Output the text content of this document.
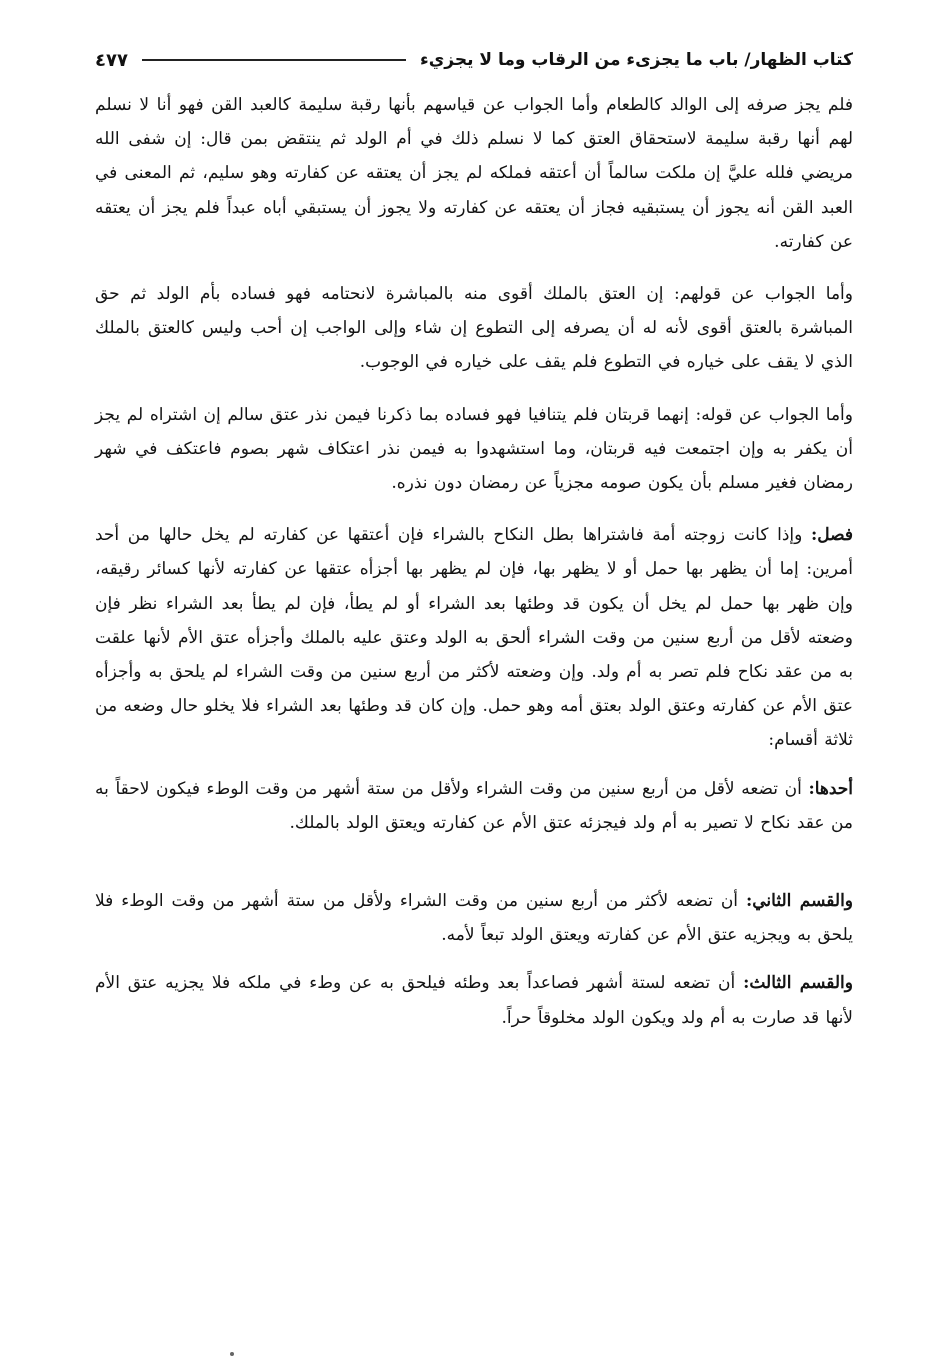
كتاب الظهار/ باب ما يجزىء من الرقاب وما لا يجزيء
٤٧٧

فلم يجز صرفه إلى الوالد كالطعام وأما الجواب عن قياسهم بأنها رقبة سليمة كالعبد القن فهو أنا لا نسلم لهم أنها رقبة سليمة لاستحقاق العتق كما لا نسلم ذلك في أم الولد ثم ينتقض بمن قال: إن شفى الله مريضي فلله عليَّ إن ملكت سالماً أن أعتقه فملكه لم يجز أن يعتقه عن كفارته وهو سليم، ثم المعنى في العبد القن أنه يجوز أن يستبقيه فجاز أن يعتقه عن كفارته ولا يجوز أن يستبقي أباه عبداً فلم يجز أن يعتقه عن كفارته.

وأما الجواب عن قولهم: إن العتق بالملك أقوى منه بالمباشرة لانحتامه فهو فساده بأم الولد ثم حق المباشرة بالعتق أقوى لأنه له أن يصرفه إلى التطوع إن شاء وإلى الواجب إن أحب وليس كالعتق بالملك الذي لا يقف على خياره في التطوع فلم يقف على خياره في الوجوب.

وأما الجواب عن قوله: إنهما قربتان فلم يتنافيا فهو فساده بما ذكرنا فيمن نذر عتق سالم إن اشتراه لم يجز أن يكفر به وإن اجتمعت فيه قربتان، وما استشهدوا به فيمن نذر اعتكاف شهر بصوم فاعتكف في شهر رمضان فغير مسلم بأن يكون صومه مجزياً عن رمضان دون نذره.

فصل: وإذا كانت زوجته أمة فاشتراها بطل النكاح بالشراء فإن أعتقها عن كفارته لم يخل حالها من أحد أمرين: إما أن يظهر بها حمل أو لا يظهر بها، فإن لم يظهر بها أجزأه عتقها عن كفارته لأنها كسائر رقيقه، وإن ظهر بها حمل لم يخل أن يكون قد وطئها بعد الشراء أو لم يطأ، فإن لم يطأ بعد الشراء نظر فإن وضعته لأقل من أربع سنين من وقت الشراء ألحق به الولد وعتق عليه بالملك وأجزأه عتق الأم لأنها علقت به من عقد نكاح فلم تصر به أم ولد. وإن وضعته لأكثر من أربع سنين من وقت الشراء لم يلحق به وأجزأه عتق الأم عن كفارته وعتق الولد بعتق أمه وهو حمل. وإن كان قد وطئها بعد الشراء فلا يخلو حال وضعه من ثلاثة أقسام:

أحدها: أن تضعه لأقل من أربع سنين من وقت الشراء ولأقل من ستة أشهر من وقت الوطء فيكون لاحقاً به من عقد نكاح لا تصير به أم ولد فيجزئه عتق الأم عن كفارته ويعتق الولد بالملك.

والقسم الثاني: أن تضعه لأكثر من أربع سنين من وقت الشراء ولأقل من ستة أشهر من وقت الوطء فلا يلحق به ويجزيه عتق الأم عن كفارته ويعتق الولد تبعاً لأمه.

والقسم الثالث: أن تضعه لستة أشهر فصاعداً بعد وطئه فيلحق به عن وطء في ملكه فلا يجزيه عتق الأم لأنها قد صارت به أم ولد ويكون الولد مخلوقاً حراً.
